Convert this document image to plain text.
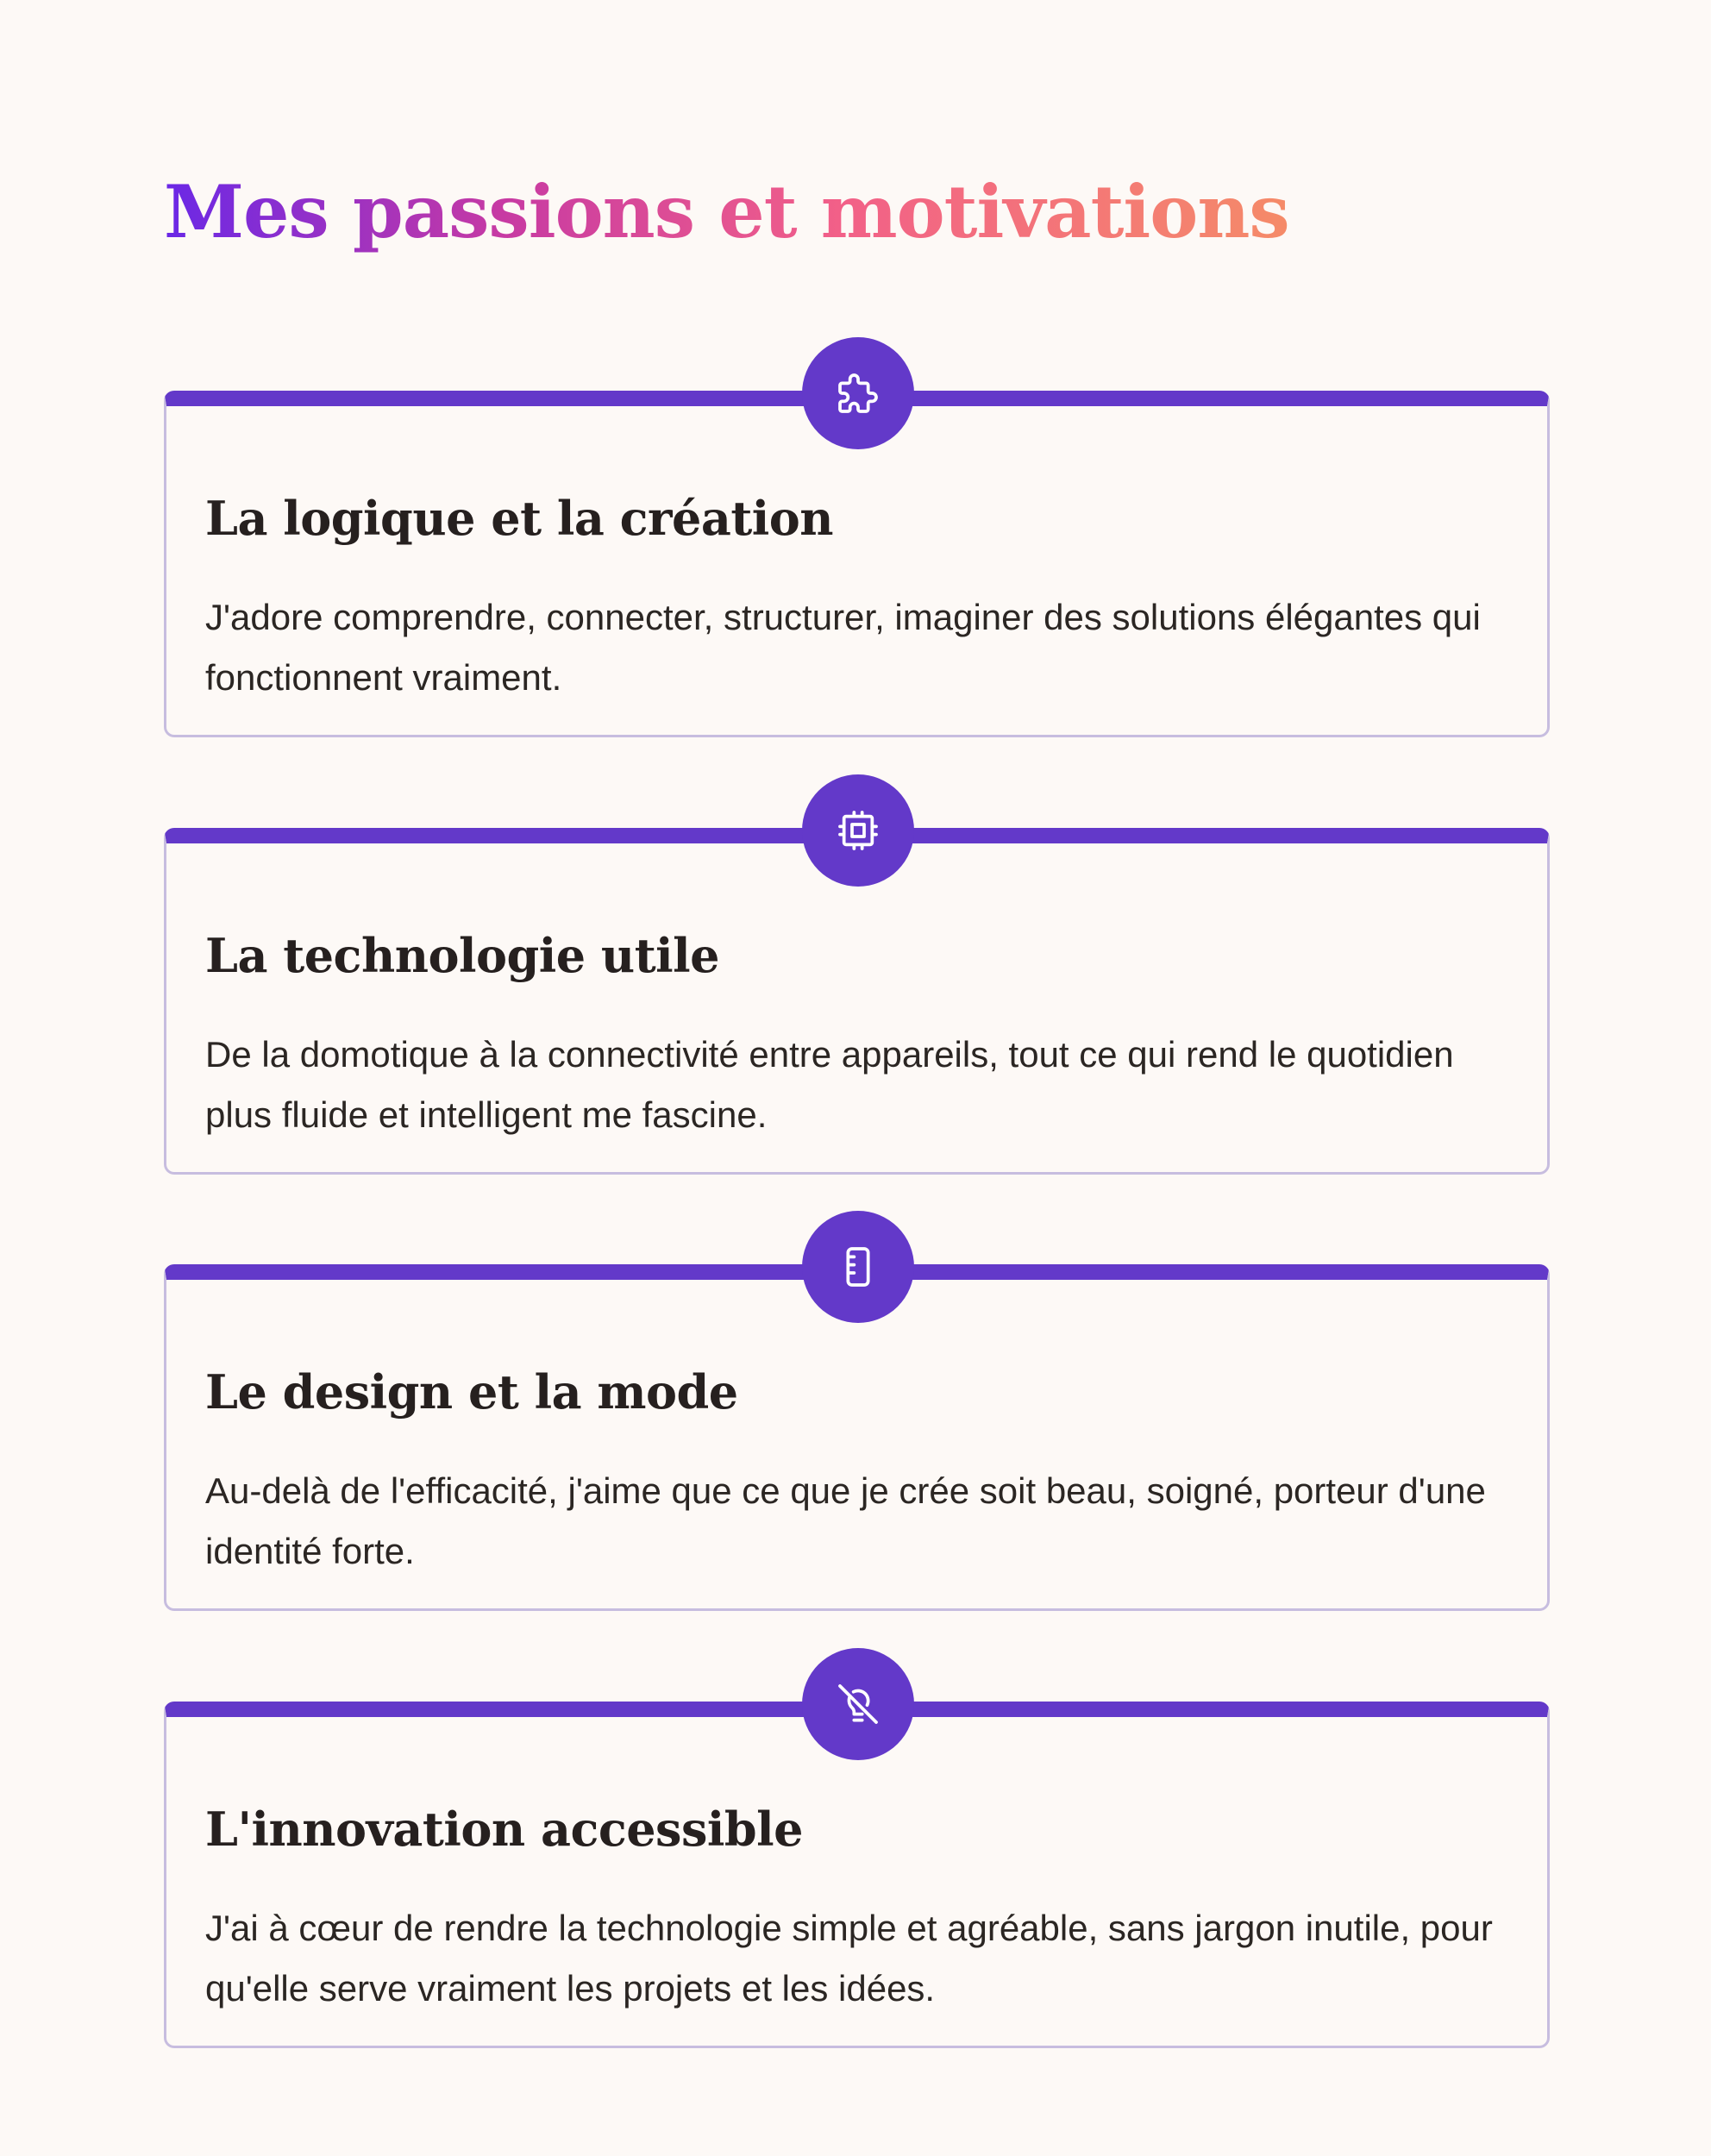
Mes passions et motivations
La logique et la création

J'adore comprendre, connecter, structurer, imaginer des solutions élégantes qui fonctionnent vraiment.

La technologie utile

De la domotique à la connectivité entre appareils, tout ce qui rend le quotidien plus fluide et intelligent me fascine.

Le design et la mode

Au-delà de l'efficacité, j'aime que ce que je crée soit beau, soigné, porteur d'une identité forte.

L'innovation accessible

J'ai à cœur de rendre la technologie simple et agréable, sans jargon inutile, pour qu'elle serve vraiment les projets et les idées.
